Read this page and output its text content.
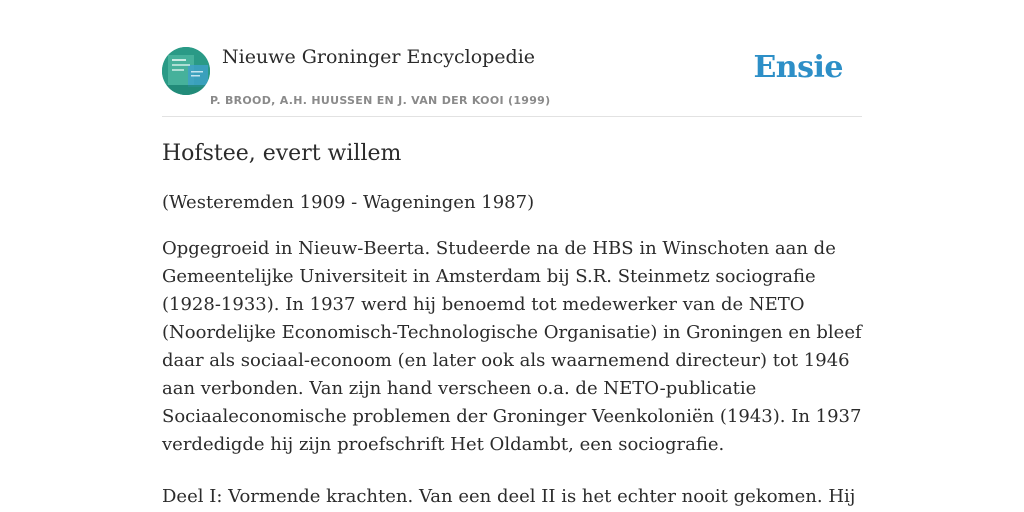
Nieuwe Groninger Encyclopedie
P. BROOD, A.H. HUUSSEN EN J. VAN DER KOOI (1999)
Ensie
Hofstee, evert willem

(Westeremden 1909 - Wageningen 1987)

Opgegroeid in Nieuw-Beerta. Studeerde na de HBS in Winschoten aan de Gemeentelijke Universiteit in Amsterdam bij S.R. Steinmetz sociografie (1928-1933). In 1937 werd hij benoemd tot medewerker van de NETO (Noordelijke Economisch-Technologische Organisatie) in Groningen en bleef daar als sociaal-econoom (en later ook als waarnemend directeur) tot 1946 aan verbonden. Van zijn hand verscheen o.a. de NETO-publicatie Sociaaleconomische problemen der Groninger Veenkoloniën (1943). In 1937 verdedigde hij zijn proefschrift Het Oldambt, een sociografie.

Deel I: Vormende krachten. Van een deel II is het echter nooit gekomen. Hij
